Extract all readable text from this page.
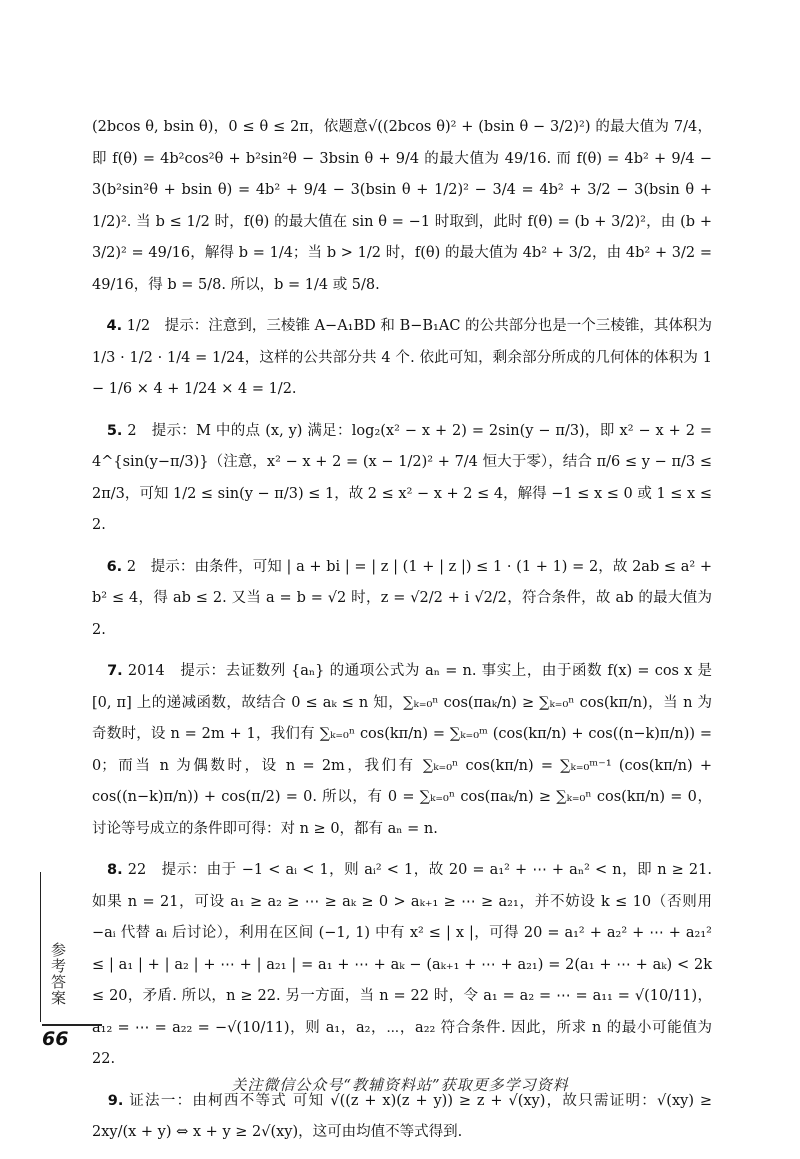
(2bcos θ, bsin θ)，0 ≤ θ ≤ 2π，依题意√((2bcos θ)² + (bsin θ − 3/2)²) 的最大值为 7/4，即 f(θ) = 4b²cos²θ + b²sin²θ − 3bsin θ + 9/4 的最大值为 49/16. 而 f(θ) = 4b² + 9/4 − 3(b²sin²θ + bsin θ) = 4b² + 9/4 − 3(bsin θ + 1/2)² − 3/4 = 4b² + 3/2 − 3(bsin θ + 1/2)². 当 b ≤ 1/2 时，f(θ) 的最大值在 sin θ = −1 时取到，此时 f(θ) = (b + 3/2)²，由 (b + 3/2)² = 49/16，解得 b = 1/4；当 b > 1/2 时，f(θ) 的最大值为 4b² + 3/2，由 4b² + 3/2 = 49/16，得 b = 5/8. 所以，b = 1/4 或 5/8.

　4. 1/2　提示：注意到，三棱锥 A−A₁BD 和 B−B₁AC 的公共部分也是一个三棱锥，其体积为 1/3 · 1/2 · 1/4 = 1/24，这样的公共部分共 4 个. 依此可知，剩余部分所成的几何体的体积为 1 − 1/6 × 4 + 1/24 × 4 = 1/2.

　5. 2　提示：M 中的点 (x, y) 满足：log₂(x² − x + 2) = 2sin(y − π/3)，即 x² − x + 2 = 4^{sin(y−π/3)}（注意，x² − x + 2 = (x − 1/2)² + 7/4 恒大于零），结合 π/6 ≤ y − π/3 ≤ 2π/3，可知 1/2 ≤ sin(y − π/3) ≤ 1，故 2 ≤ x² − x + 2 ≤ 4，解得 −1 ≤ x ≤ 0 或 1 ≤ x ≤ 2.

　6. 2　提示：由条件，可知 | a + bi | = | z | (1 + | z |) ≤ 1 · (1 + 1) = 2，故 2ab ≤ a² + b² ≤ 4，得 ab ≤ 2. 又当 a = b = √2 时，z = √2/2 + i √2/2，符合条件，故 ab 的最大值为 2.

　7. 2014　提示：去证数列 {aₙ} 的通项公式为 aₙ = n. 事实上，由于函数 f(x) = cos x 是 [0, π] 上的递减函数，故结合 0 ≤ aₖ ≤ n 知，∑ₖ₌₀ⁿ cos(πaₖ/n) ≥ ∑ₖ₌₀ⁿ cos(kπ/n)，当 n 为奇数时，设 n = 2m + 1，我们有 ∑ₖ₌₀ⁿ cos(kπ/n) = ∑ₖ₌₀ᵐ (cos(kπ/n) + cos((n−k)π/n)) = 0；而当 n 为偶数时，设 n = 2m，我们有 ∑ₖ₌₀ⁿ cos(kπ/n) = ∑ₖ₌₀ᵐ⁻¹ (cos(kπ/n) + cos((n−k)π/n)) + cos(π/2) = 0. 所以，有 0 = ∑ₖ₌₀ⁿ cos(πaₖ/n) ≥ ∑ₖ₌₀ⁿ cos(kπ/n) = 0，讨论等号成立的条件即可得：对 n ≥ 0，都有 aₙ = n.

　8. 22　提示：由于 −1 < aᵢ < 1，则 aᵢ² < 1，故 20 = a₁² + ⋯ + aₙ² < n，即 n ≥ 21. 如果 n = 21，可设 a₁ ≥ a₂ ≥ ⋯ ≥ aₖ ≥ 0 > aₖ₊₁ ≥ ⋯ ≥ a₂₁，并不妨设 k ≤ 10（否则用 −aᵢ 代替 aᵢ 后讨论），利用在区间 (−1, 1) 中有 x² ≤ | x |，可得 20 = a₁² + a₂² + ⋯ + a₂₁² ≤ | a₁ | + | a₂ | + ⋯ + | a₂₁ | = a₁ + ⋯ + aₖ − (aₖ₊₁ + ⋯ + a₂₁) = 2(a₁ + ⋯ + aₖ) < 2k ≤ 20，矛盾. 所以，n ≥ 22. 另一方面，当 n = 22 时，令 a₁ = a₂ = ⋯ = a₁₁ = √(10/11)，a₁₂ = ⋯ = a₂₂ = −√(10/11)，则 a₁，a₂，⋯，a₂₂ 符合条件. 因此，所求 n 的最小可能值为 22.

　9. 证法一：由柯西不等式 可知 √((z + x)(z + y)) ≥ z + √(xy)，故只需证明：√(xy) ≥ 2xy/(x + y) ⇔ x + y ≥ 2√(xy)，这可由均值不等式得到.

参考答案
66
关注微信公众号“教辅资料站”获取更多学习资料
